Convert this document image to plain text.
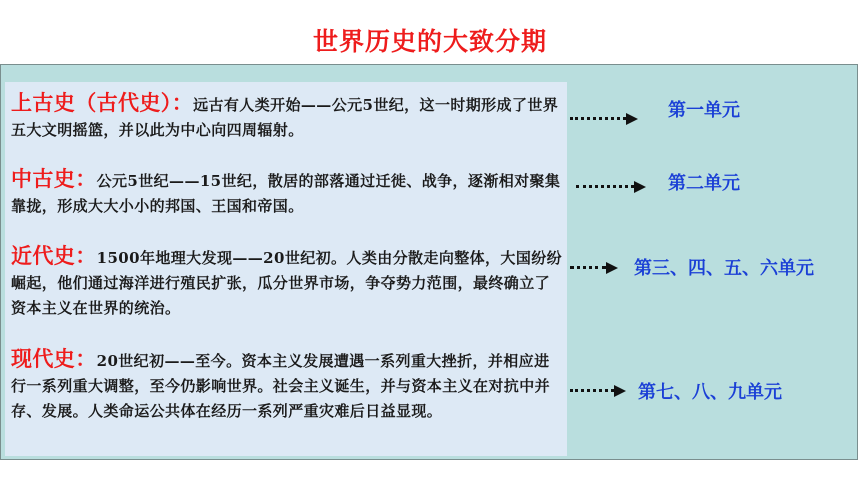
世界历史的大致分期
上古史（古代史）：远古有人类开始——公元5世纪，这一时期形成了世界五大文明摇篮，并以此为中心向四周辐射。
第一单元
中古史：公元5世纪——15世纪，散居的部落通过迁徙、战争，逐渐相对聚集靠拢，形成大大小小的邦国、王国和帝国。
第二单元
近代史：1500年地理大发现——20世纪初。人类由分散走向整体，大国纷纷崛起，他们通过海洋进行殖民扩张，瓜分世界市场，争夺势力范围，最终确立了资本主义在世界的统治。
第三、四、五、六单元
现代史：20世纪初——至今。资本主义发展遭遇一系列重大挫折，并相应进行一系列重大调整，至今仍影响世界。社会主义诞生，并与资本主义在对抗中并存、发展。人类命运公共体在经历一系列严重灾难后日益显现。
第七、八、九单元
